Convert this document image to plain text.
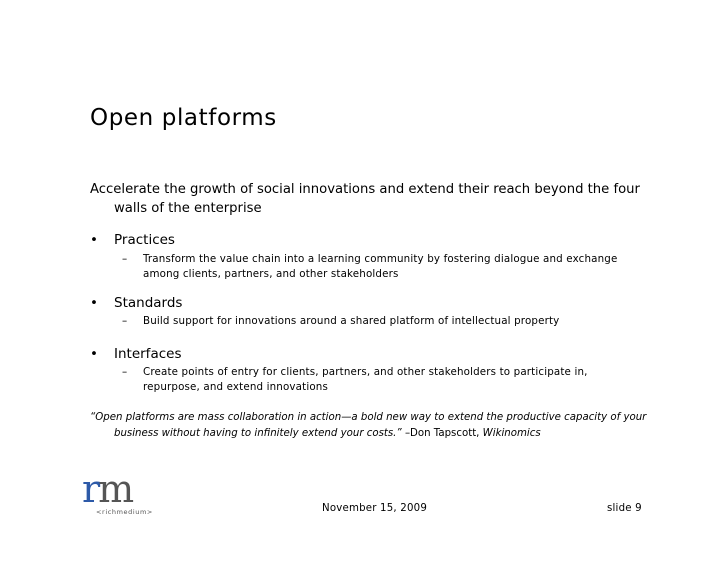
Open platforms
Accelerate the growth of social innovations and extend their reach beyond the four walls of the enterprise
• Practices
– Transform the value chain into a learning community by fostering dialogue and exchange among clients, partners, and other stakeholders
• Standards
– Build support for innovations around a shared platform of intellectual property
• Interfaces
– Create points of entry for clients, partners, and other stakeholders to participate in, repurpose, and extend innovations
“Open platforms are mass collaboration in action—a bold new way to extend the productive capacity of your business without having to infinitely extend your costs.” –Don Tapscott, Wikinomics
rm
<richmedium>	November 15, 2009	slide 9
